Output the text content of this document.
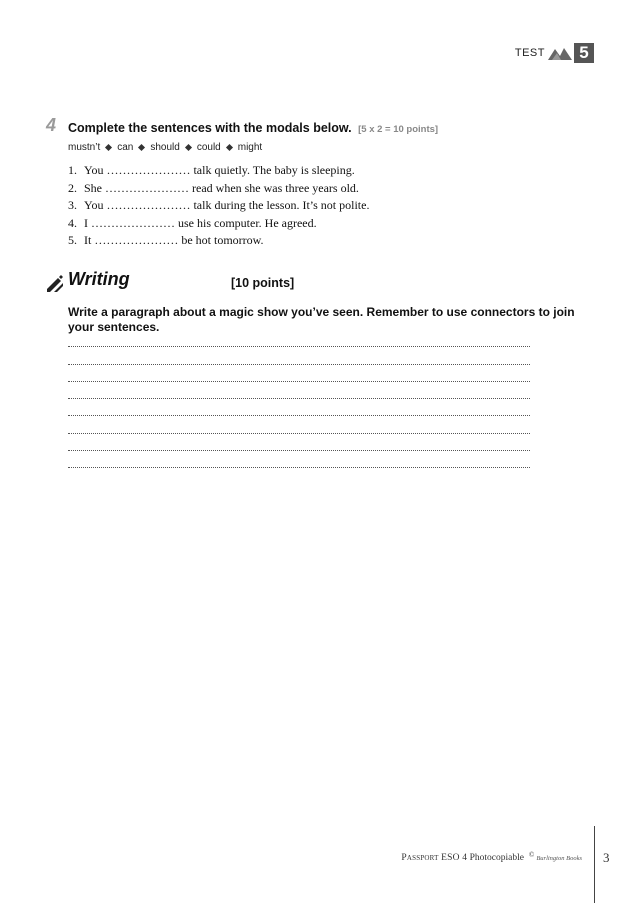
TEST	5
4 Complete the sentences with the modals below. [5 x 2 = 10 points]
mustn’t can should could might
1. You ………………… talk quietly. The baby is sleeping.
2. She ………………… read when she was three years old.
3. You ………………… talk during the lesson. It’s not polite.
4. I ………………… use his computer. He agreed.
5. It ………………… be hot tomorrow.
Writing	[10 points]
Write a paragraph about a magic show you’ve seen. Remember to use connectors to join your sentences.
Passport ESO 4
Photocopiable © Burlington Books 3
